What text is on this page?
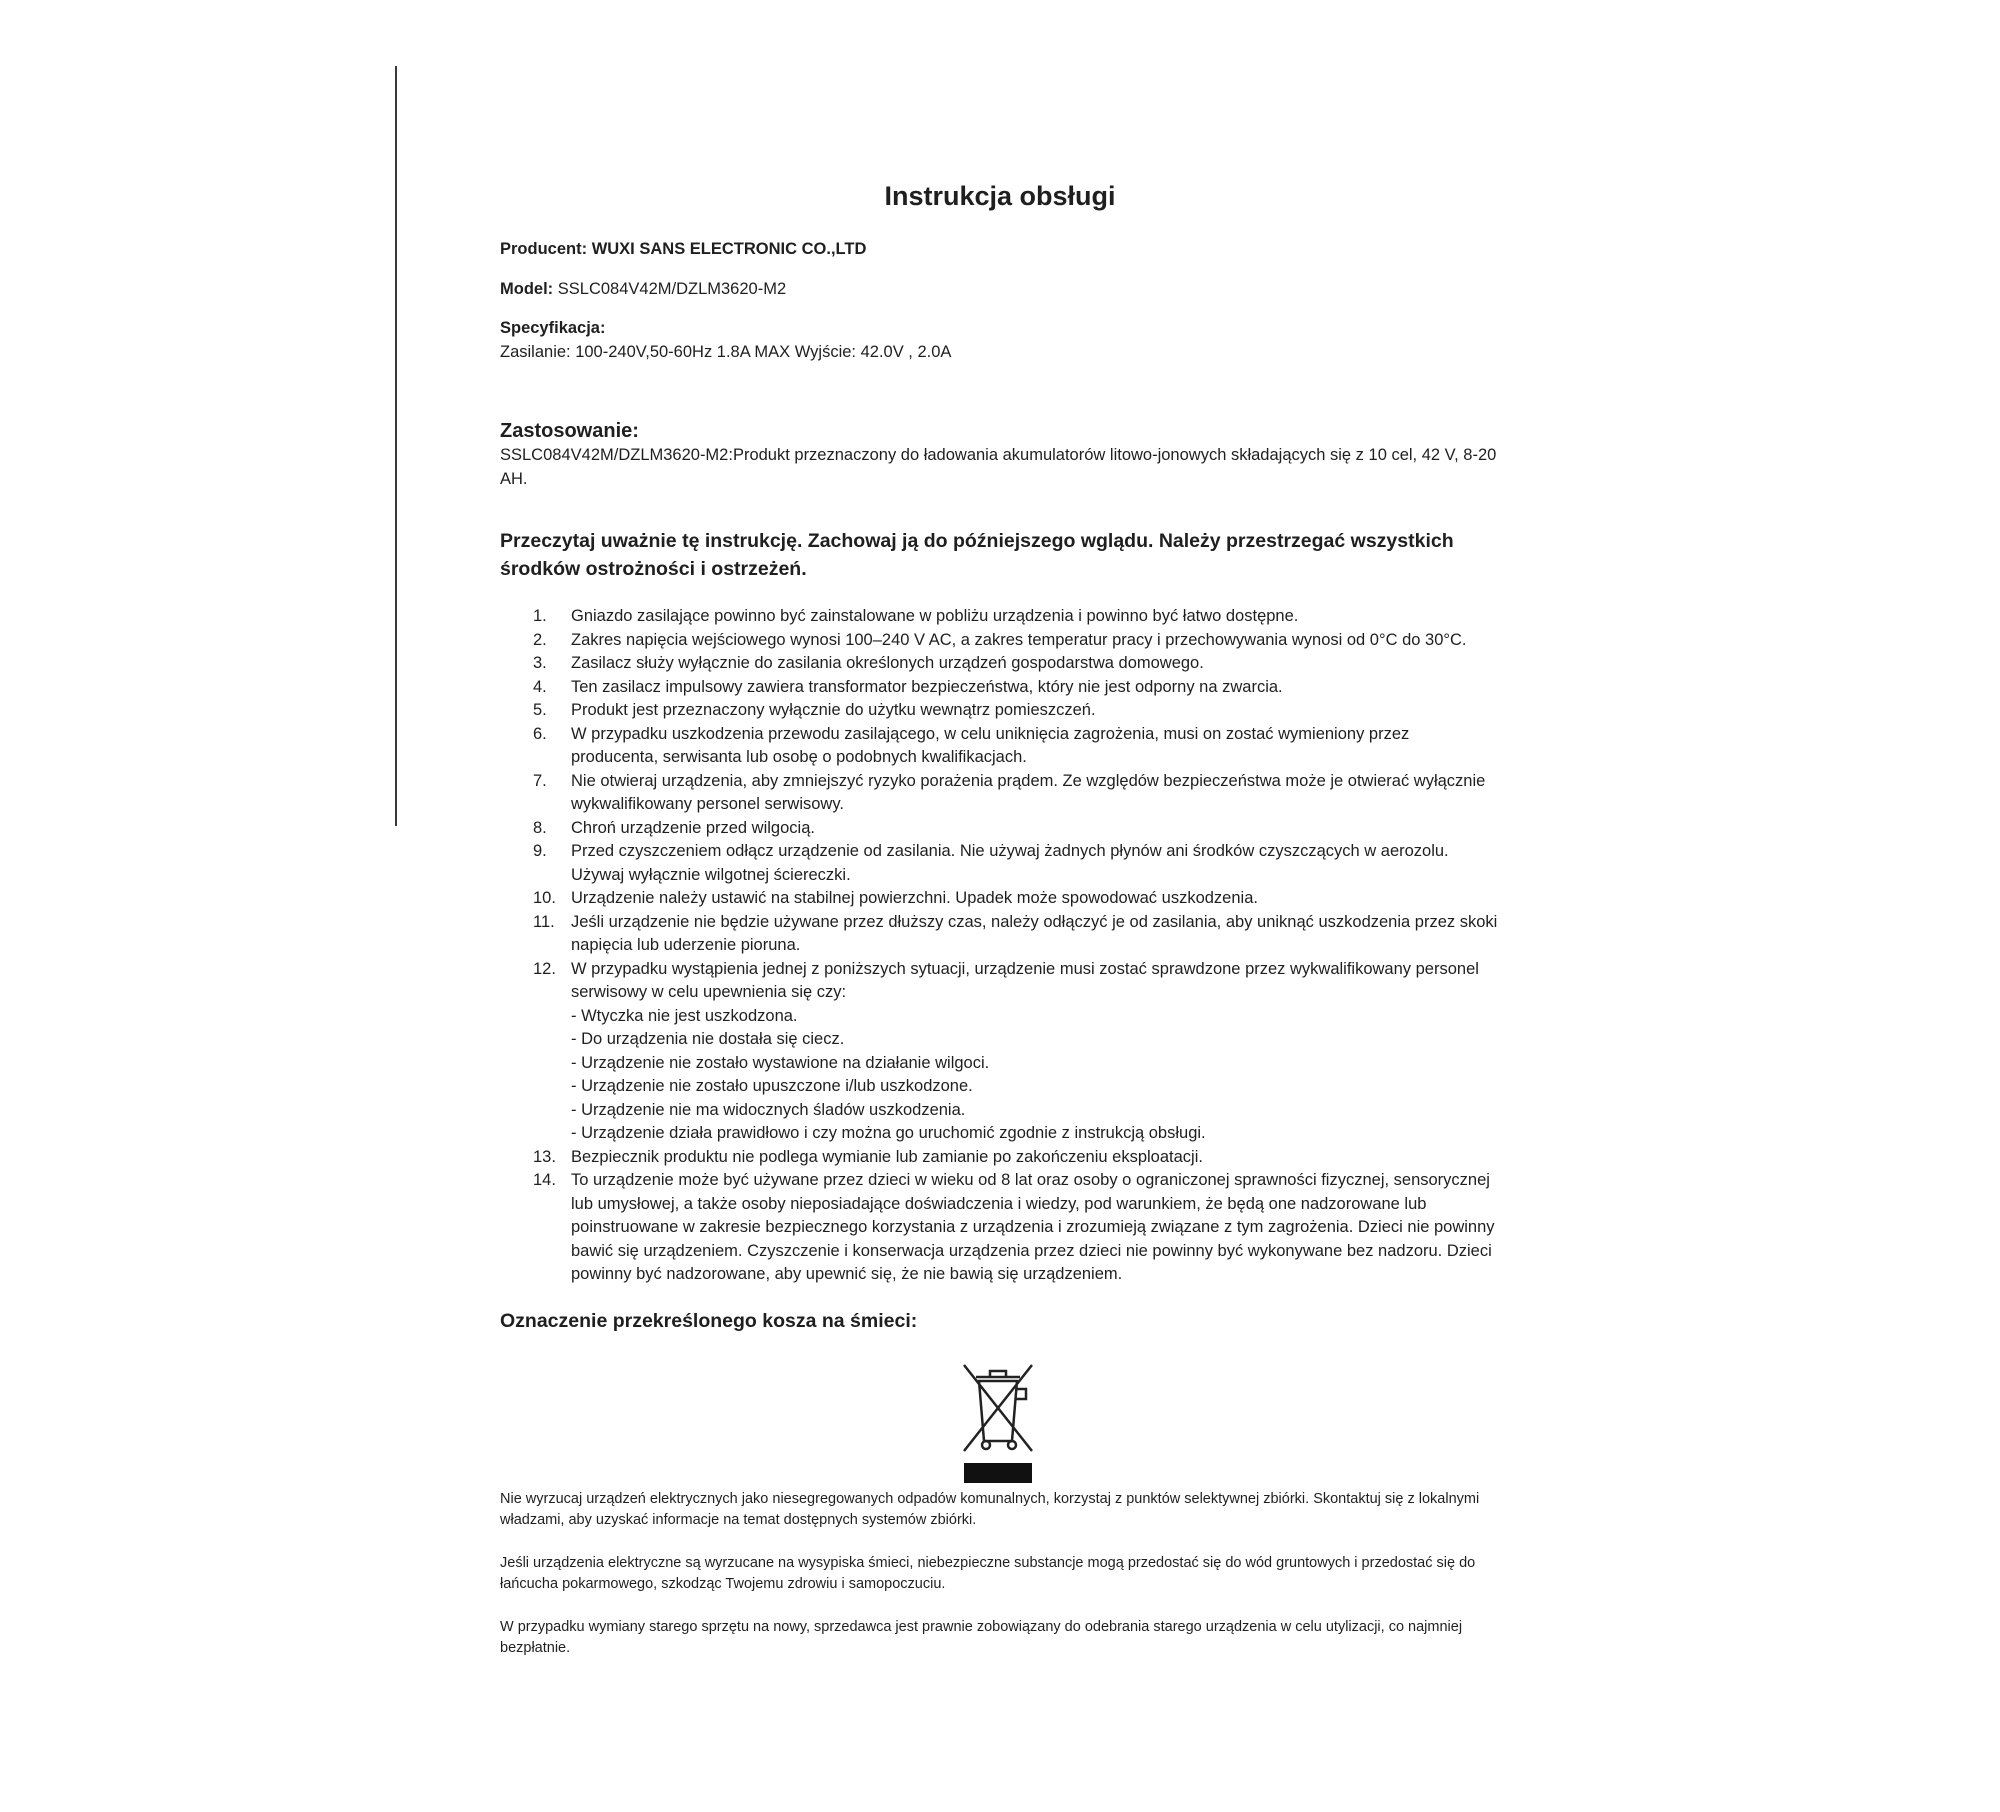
Instrukcja obsługi

Producent: WUXI SANS ELECTRONIC CO.,LTD

Model: SSLC084V42M/DZLM3620-M2

Specyfikacja:
Zasilanie: 100-240V,50-60Hz 1.8A MAX Wyjście: 42.0V , 2.0A

Zastosowanie:

SSLC084V42M/DZLM3620-M2:Produkt przeznaczony do ładowania akumulatorów litowo-jonowych składających się z 10 cel, 42 V, 8-20 AH.

Przeczytaj uważnie tę instrukcję. Zachowaj ją do późniejszego wglądu. Należy przestrzegać wszystkich środków ostrożności i ostrzeżeń.

1. Gniazdo zasilające powinno być zainstalowane w pobliżu urządzenia i powinno być łatwo dostępne.
2. Zakres napięcia wejściowego wynosi 100–240 V AC, a zakres temperatur pracy i przechowywania wynosi od 0°C do 30°C.
3. Zasilacz służy wyłącznie do zasilania określonych urządzeń gospodarstwa domowego.
4. Ten zasilacz impulsowy zawiera transformator bezpieczeństwa, który nie jest odporny na zwarcia.
5. Produkt jest przeznaczony wyłącznie do użytku wewnątrz pomieszczeń.
6. W przypadku uszkodzenia przewodu zasilającego, w celu uniknięcia zagrożenia, musi on zostać wymieniony przez producenta, serwisanta lub osobę o podobnych kwalifikacjach.
7. Nie otwieraj urządzenia, aby zmniejszyć ryzyko porażenia prądem. Ze względów bezpieczeństwa może je otwierać wyłącznie wykwalifikowany personel serwisowy.
8. Chroń urządzenie przed wilgocią.
9. Przed czyszczeniem odłącz urządzenie od zasilania. Nie używaj żadnych płynów ani środków czyszczących w aerozolu. Używaj wyłącznie wilgotnej ściereczki.
10. Urządzenie należy ustawić na stabilnej powierzchni. Upadek może spowodować uszkodzenia.
11. Jeśli urządzenie nie będzie używane przez dłuższy czas, należy odłączyć je od zasilania, aby uniknąć uszkodzenia przez skoki napięcia lub uderzenie pioruna.
12. W przypadku wystąpienia jednej z poniższych sytuacji, urządzenie musi zostać sprawdzone przez wykwalifikowany personel serwisowy w celu upewnienia się czy:
- Wtyczka nie jest uszkodzona.
- Do urządzenia nie dostała się ciecz.
- Urządzenie nie zostało wystawione na działanie wilgoci.
- Urządzenie nie zostało upuszczone i/lub uszkodzone.
- Urządzenie nie ma widocznych śladów uszkodzenia.
- Urządzenie działa prawidłowo i czy można go uruchomić zgodnie z instrukcją obsługi.
13. Bezpiecznik produktu nie podlega wymianie lub zamianie po zakończeniu eksploatacji.
14. To urządzenie może być używane przez dzieci w wieku od 8 lat oraz osoby o ograniczonej sprawności fizycznej, sensorycznej lub umysłowej, a także osoby nieposiadające doświadczenia i wiedzy, pod warunkiem, że będą one nadzorowane lub poinstruowane w zakresie bezpiecznego korzystania z urządzenia i zrozumieją związane z tym zagrożenia. Dzieci nie powinny bawić się urządzeniem. Czyszczenie i konserwacja urządzenia przez dzieci nie powinny być wykonywane bez nadzoru. Dzieci powinny być nadzorowane, aby upewnić się, że nie bawią się urządzeniem.

Oznaczenie przekreślonego kosza na śmieci:

Nie wyrzucaj urządzeń elektrycznych jako niesegregowanych odpadów komunalnych, korzystaj z punktów selektywnej zbiórki. Skontaktuj się z lokalnymi władzami, aby uzyskać informacje na temat dostępnych systemów zbiórki.

Jeśli urządzenia elektryczne są wyrzucane na wysypiska śmieci, niebezpieczne substancje mogą przedostać się do wód gruntowych i przedostać się do łańcucha pokarmowego, szkodząc Twojemu zdrowiu i samopoczuciu.

W przypadku wymiany starego sprzętu na nowy, sprzedawca jest prawnie zobowiązany do odebrania starego urządzenia w celu utylizacji, co najmniej bezpłatnie.
